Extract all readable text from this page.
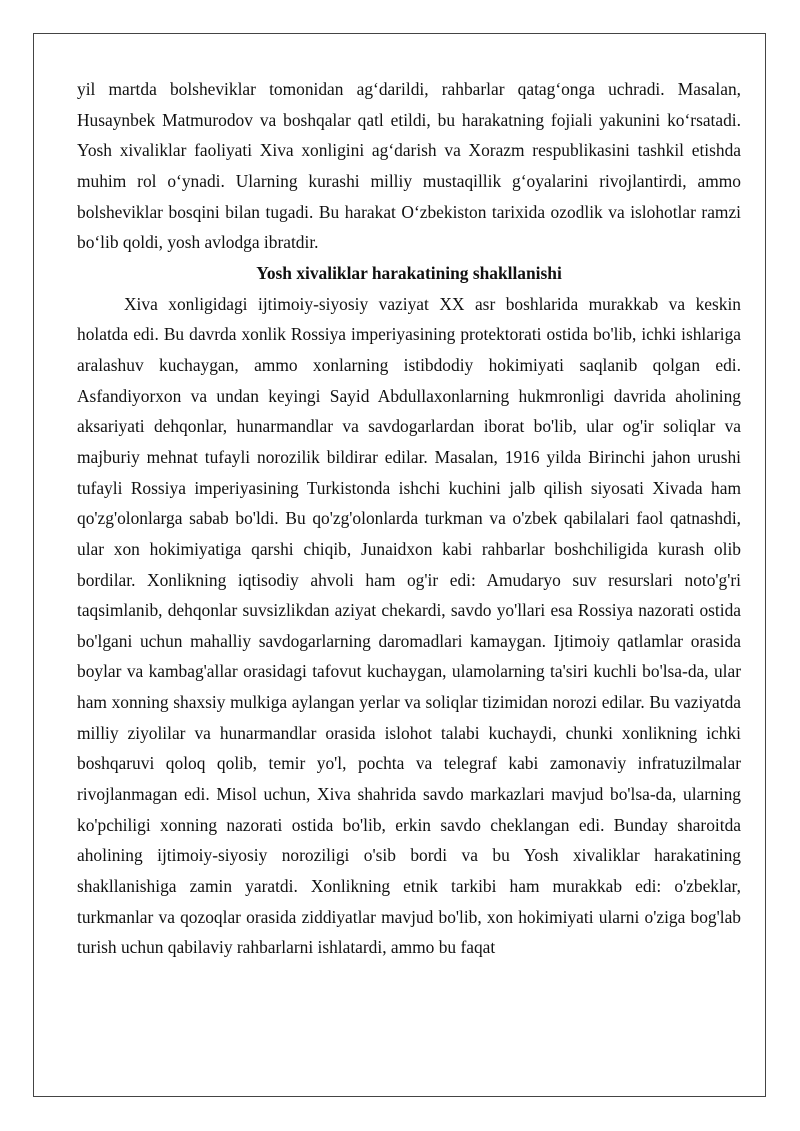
yil martda bolsheviklar tomonidan ag‘darildi, rahbarlar qatag‘onga uchradi. Masalan, Husaynbek Matmurodov va boshqalar qatl etildi, bu harakatning fojiali yakunini ko‘rsatadi. Yosh xivaliklar faoliyati Xiva xonligini ag‘darish va Xorazm respublikasini tashkil etishda muhim rol o‘ynadi. Ularning kurashi milliy mustaqillik g‘oyalarini rivojlantirdi, ammo bolsheviklar bosqini bilan tugadi. Bu harakat O‘zbekiston tarixida ozodlik va islohotlar ramzi bo‘lib qoldi, yosh avlodga ibratdir.

Yosh xivaliklar harakatining shakllanishi

Xiva xonligidagi ijtimoiy-siyosiy vaziyat XX asr boshlarida murakkab va keskin holatda edi. Bu davrda xonlik Rossiya imperiyasining protektorati ostida bo'lib, ichki ishlariga aralashuv kuchaygan, ammo xonlarning istibdodiy hokimiyati saqlanib qolgan edi. Asfandiyorxon va undan keyingi Sayid Abdullaxonlarning hukmronligi davrida aholining aksariyati dehqonlar, hunarmandlar va savdogarlardan iborat bo'lib, ular og'ir soliqlar va majburiy mehnat tufayli norozilik bildirar edilar. Masalan, 1916 yilda Birinchi jahon urushi tufayli Rossiya imperiyasining Turkistonda ishchi kuchini jalb qilish siyosati Xivada ham qo'zg'olonlarga sabab bo'ldi. Bu qo'zg'olonlarda turkman va o'zbek qabilalari faol qatnashdi, ular xon hokimiyatiga qarshi chiqib, Junaidxon kabi rahbarlar boshchiligida kurash olib bordilar. Xonlikning iqtisodiy ahvoli ham og'ir edi: Amudaryo suv resurslari noto'g'ri taqsimlanib, dehqonlar suvsizlikdan aziyat chekardi, savdo yo'llari esa Rossiya nazorati ostida bo'lgani uchun mahalliy savdogarlarning daromadlari kamaygan. Ijtimoiy qatlamlar orasida boylar va kambag'allar orasidagi tafovut kuchaygan, ulamolarning ta'siri kuchli bo'lsa-da, ular ham xonning shaxsiy mulkiga aylangan yerlar va soliqlar tizimidan norozi edilar. Bu vaziyatda milliy ziyolilar va hunarmandlar orasida islohot talabi kuchaydi, chunki xonlikning ichki boshqaruvi qoloq qolib, temir yo'l, pochta va telegraf kabi zamonaviy infratuzilmalar rivojlanmagan edi. Misol uchun, Xiva shahrida savdo markazlari mavjud bo'lsa-da, ularning ko'pchiligi xonning nazorati ostida bo'lib, erkin savdo cheklangan edi. Bunday sharoitda aholining ijtimoiy-siyosiy noroziligi o'sib bordi va bu Yosh xivaliklar harakatining shakllanishiga zamin yaratdi. Xonlikning etnik tarkibi ham murakkab edi: o'zbeklar, turkmanlar va qozoqlar orasida ziddiyatlar mavjud bo'lib, xon hokimiyati ularni o'ziga bog'lab turish uchun qabilaviy rahbarlarni ishlatardi, ammo bu faqat
